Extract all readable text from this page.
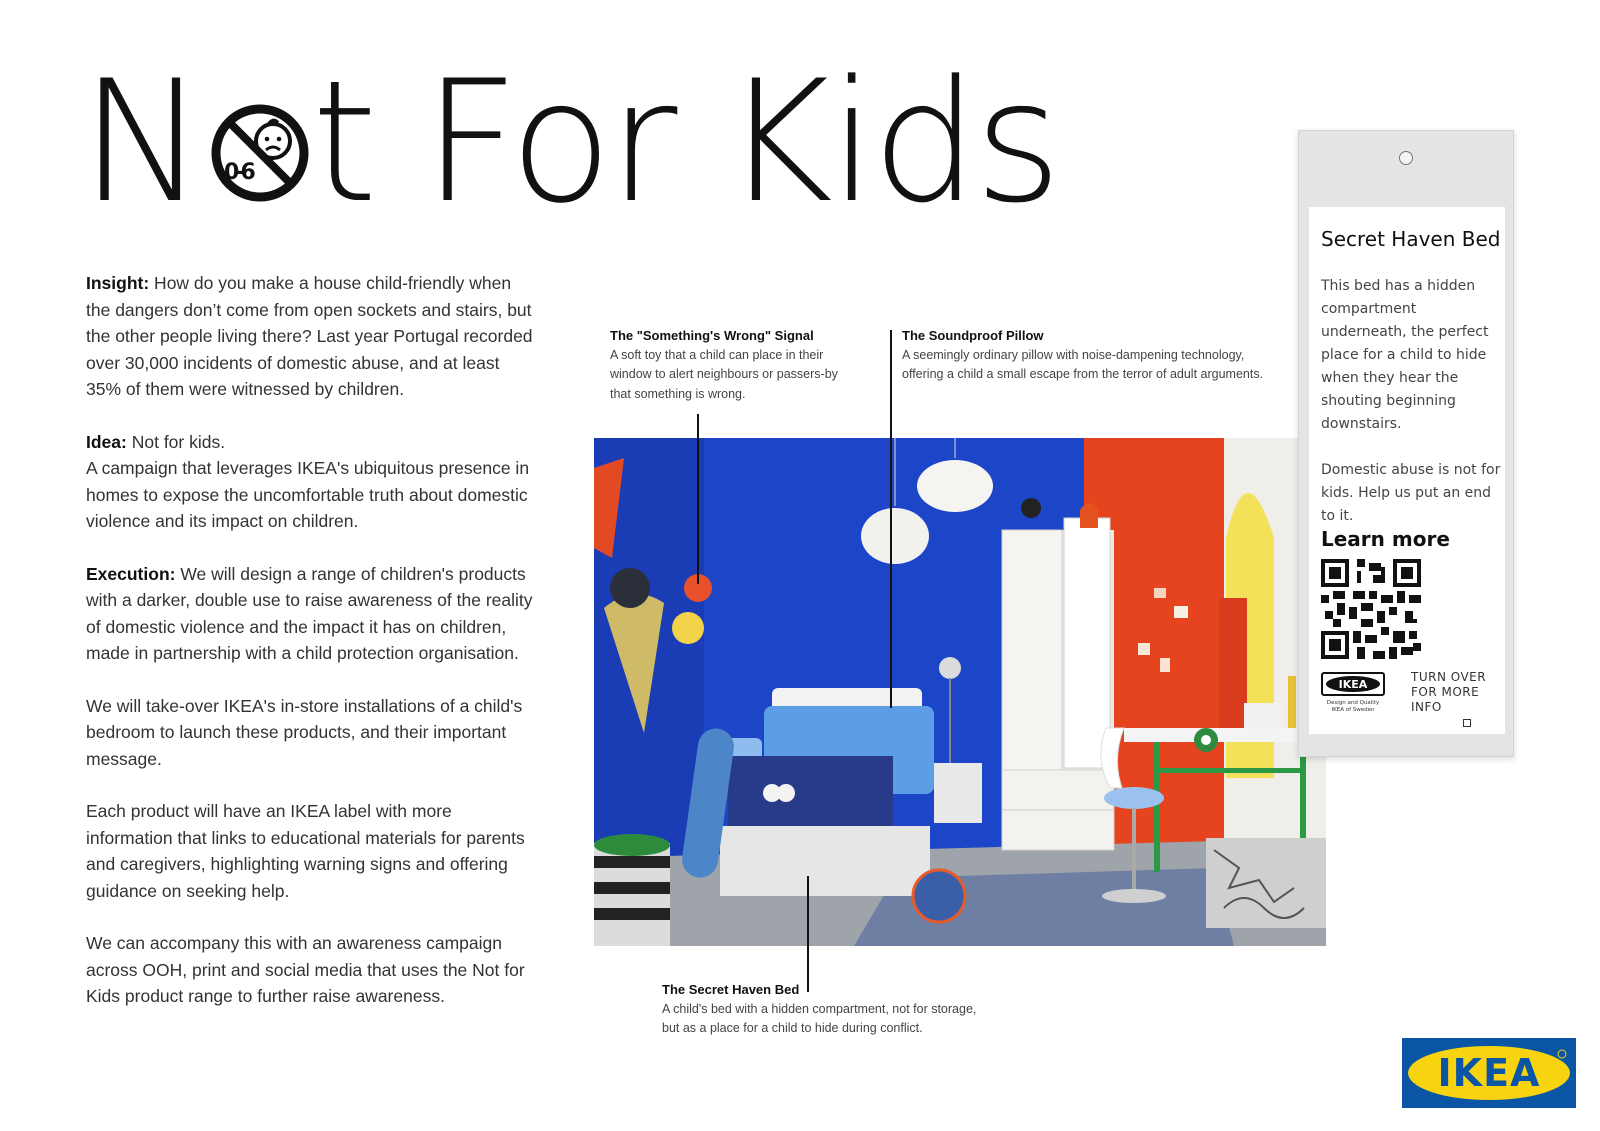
N 0-6 t For Kids

Insight: How do you make a house child-friendly when the dangers don’t come from open sockets and stairs, but the other people living there? Last year Portugal recorded over 30,000 incidents of domestic abuse, and at least 35% of them were witnessed by children.

Idea: Not for kids.
A campaign that leverages IKEA's ubiquitous presence in homes to expose the uncomfortable truth about domestic violence and its impact on children.

Execution: We will design a range of children's products with a darker, double use to raise awareness of the reality of domestic violence and the impact it has on children, made in partnership with a child protection organisation.

We will take-over IKEA's in-store installations of a child's bedroom to launch these products, and their important message.

Each product will have an IKEA label with more information that links to educational materials for parents and caregivers, highlighting warning signs and offering guidance on seeking help.

We can accompany this with an awareness campaign across OOH, print and social media that uses the Not for Kids product range to further raise awareness.

The "Something's Wrong" Signal
A soft toy that a child can place in their window to alert neighbours or passers-by that something is wrong.
The Soundproof Pillow
A seemingly ordinary pillow with noise-dampening technology, offering a child a small escape from the terror of adult arguments.
The Secret Haven Bed
A child's bed with a hidden compartment, not for storage, but as a place for a child to hide during conflict.
Secret Haven Bed

This bed has a hidden compartment underneath, the perfect place for a child to hide when they hear the shouting beginning downstairs.

Domestic abuse is not for kids. Help us put an end to it.

Learn more
IKEA
Design and Quality
IKEA of Sweden
TURN OVER
FOR MORE
INFO
IKEA
